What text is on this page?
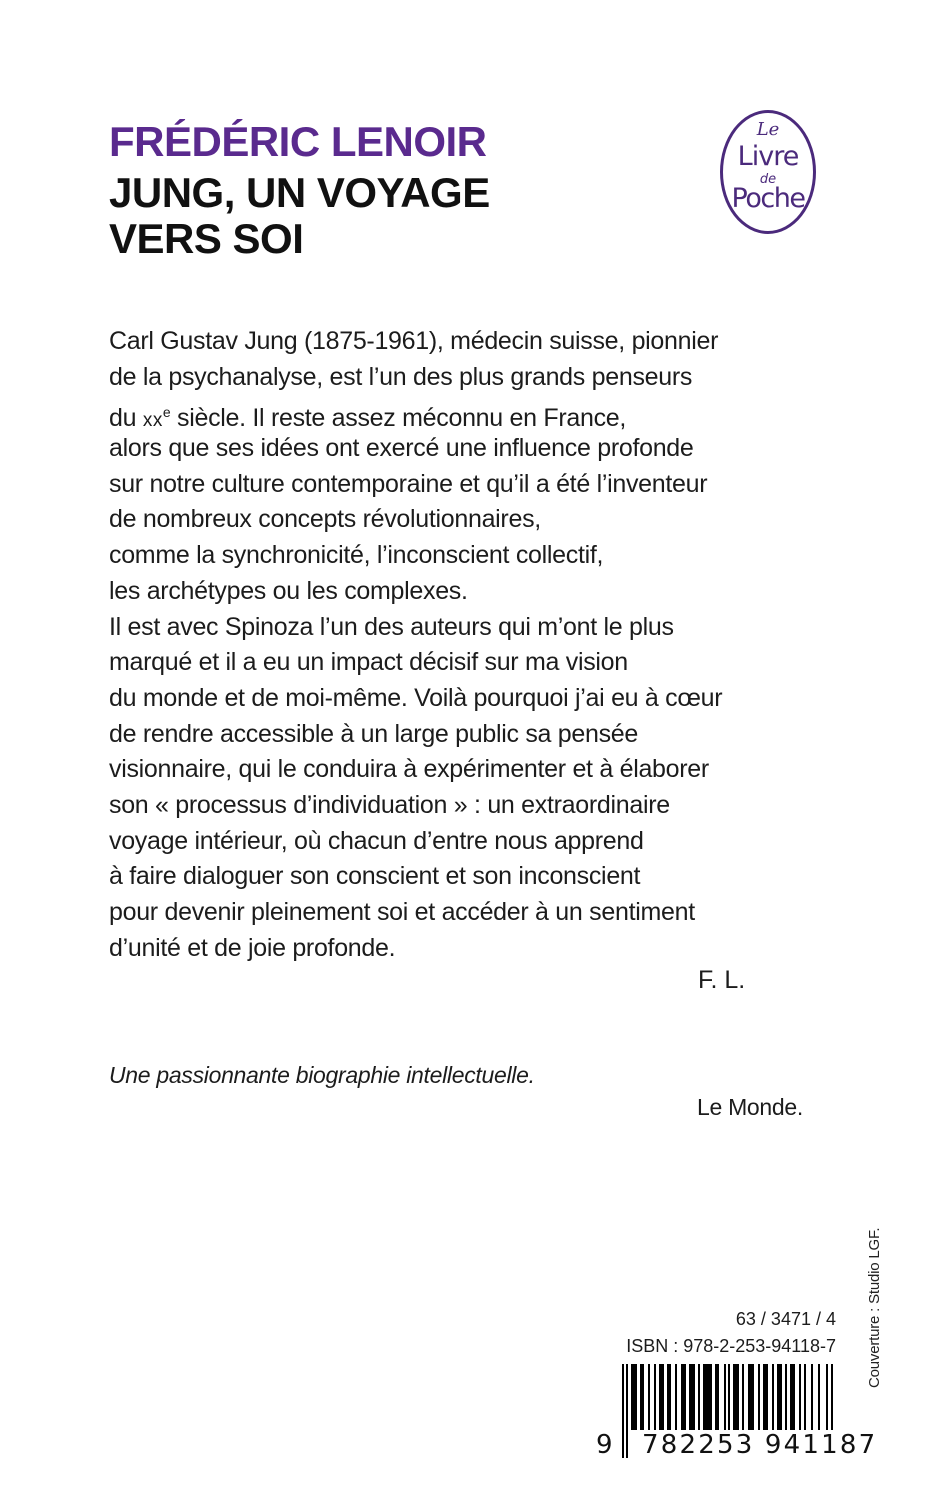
FRÉDÉRIC LENOIR
JUNG, UN VOYAGE
VERS SOI
Le
Livre
de
Poche
Carl Gustav Jung (1875-1961), médecin suisse, pionnier
de la psychanalyse, est l’un des plus grands penseurs
du $xx^e$ siècle. Il reste assez méconnu en France,
alors que ses idées ont exercé une influence profonde
sur notre culture contemporaine et qu’il a été l’inventeur
de nombreux concepts révolutionnaires,
comme la synchronicité, l’inconscient collectif,
les archétypes ou les complexes.
Il est avec Spinoza l’un des auteurs qui m’ont le plus
marqué et il a eu un impact décisif sur ma vision
du monde et de moi-même. Voilà pourquoi j’ai eu à cœur
de rendre accessible à un large public sa pensée
visionnaire, qui le conduira à expérimenter et à élaborer
son « processus d’individuation » : un extraordinaire
voyage intérieur, où chacun d’entre nous apprend
à faire dialoguer son conscient et son inconscient
pour devenir pleinement soi et accéder à un sentiment
d’unité et de joie profonde.
F. L.
Une passionnante biographie intellectuelle.
Le Monde.
63 / 3471 / 4
ISBN : 978-2-253-94118-7
9 782253 941187
Couverture : Studio LGF.
